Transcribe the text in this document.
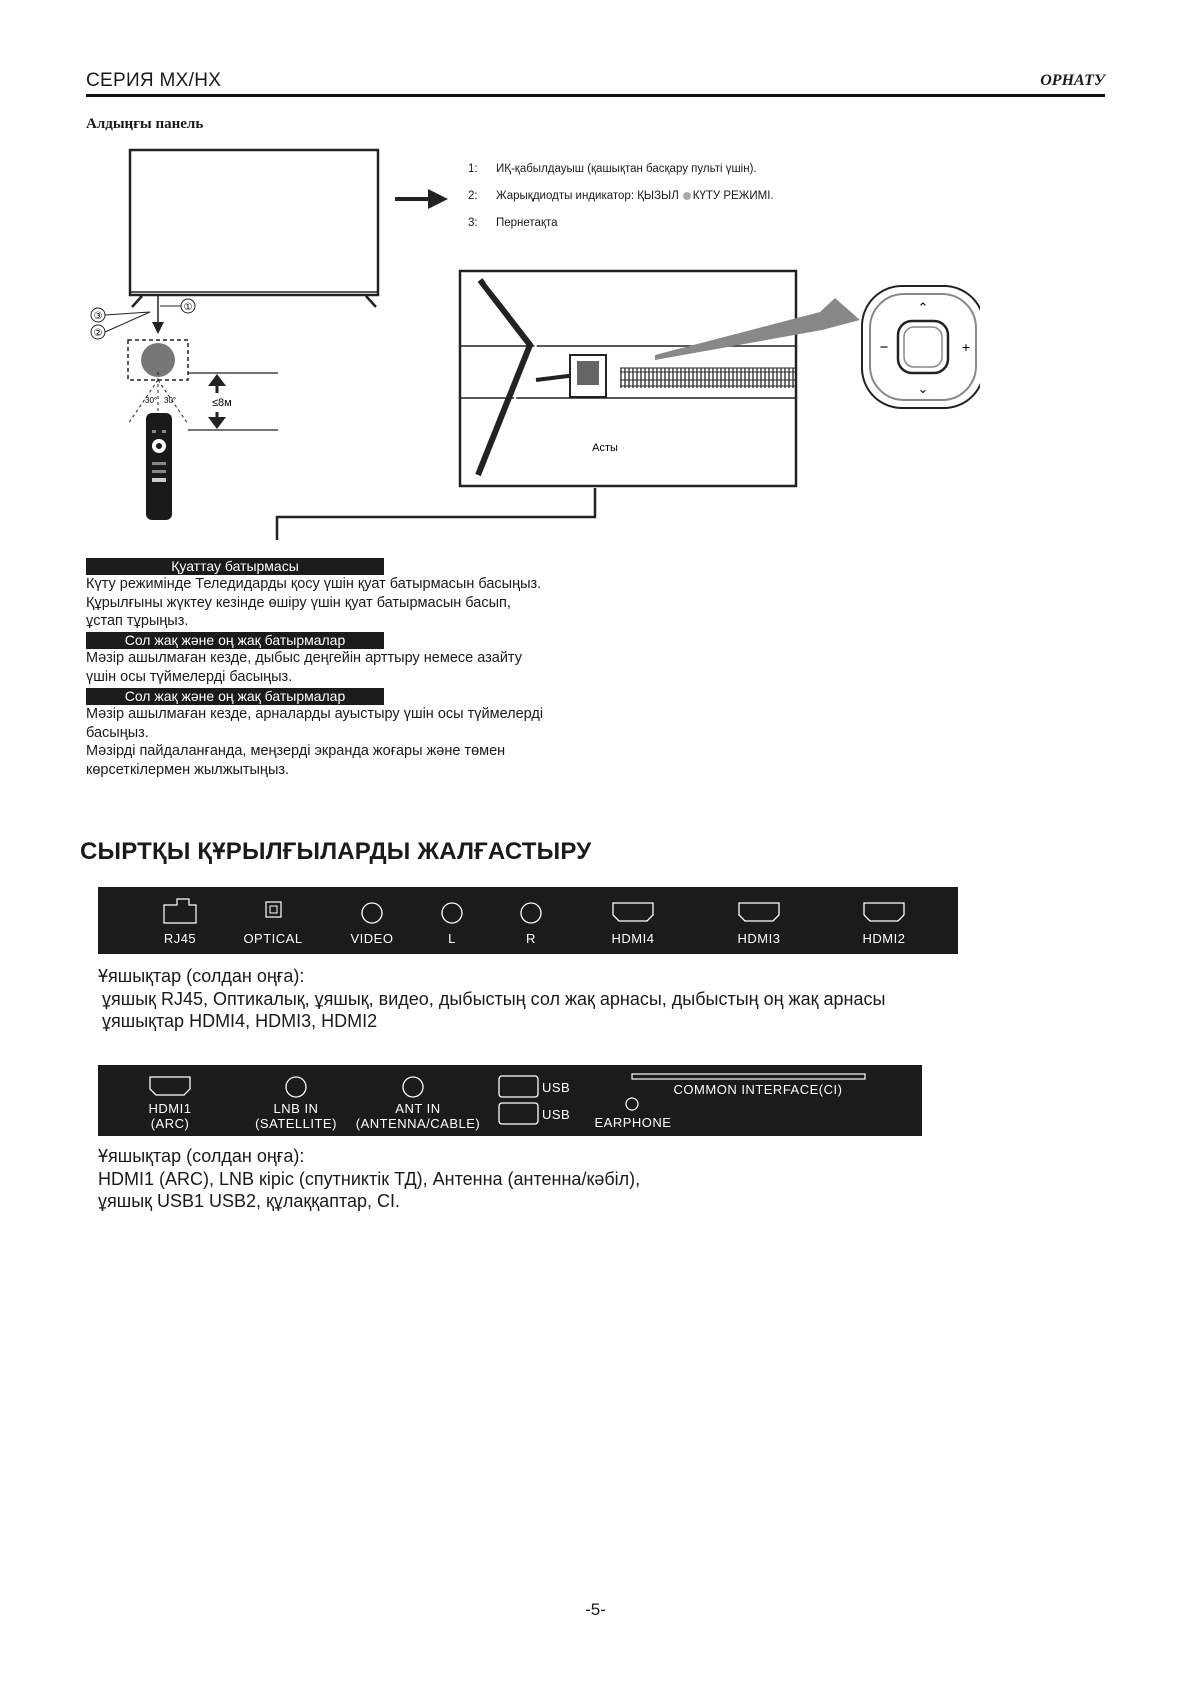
СЕРИЯ МХ/НХ	ОРНАТУ
Алдыңғы панель
③
②
①
30° 30°	≤8м
Асты
⌃
⌄
−	+
1: ИҚ-қабылдауыш (қашықтан басқару пульті үшін).
2: Жарықдиодты индикатор: ҚЫЗЫЛ КҮТУ РЕЖИМІ.
3: Пернетақта
Қуаттау батырмасы
Күту режимінде Теледидарды қосу үшін қуат батырмасын басыңыз.
Құрылғыны жүктеу кезінде өшіру үшін қуат батырмасын басып,
ұстап тұрыңыз.
Сол жақ және оң жақ батырмалар
Мәзір ашылмаған кезде, дыбыс деңгейін арттыру немесе азайту
үшін осы түймелерді басыңыз.
Сол жақ және оң жақ батырмалар
Мәзір ашылмаған кезде, арналарды ауыстыру үшін осы түймелерді
басыңыз.
Мәзірді пайдаланғанда, меңзерді экранда жоғары және төмен
көрсеткілермен жылжытыңыз.
СЫРТҚЫ ҚҰРЫЛҒЫЛАРДЫ ЖАЛҒАСТЫРУ
RJ45	OPTICAL	VIDEO	L	R	HDMI4	HDMI3	HDMI2
Ұяшықтар (солдан оңға):
ұяшық RJ45, Оптикалық, ұяшық, видео, дыбыстың сол жақ арнасы, дыбыстың оң жақ арнасы
ұяшықтар HDMI4, HDMI3, HDMI2
HDMI1
(ARC)
LNB IN
(SATELLITE)
ANT IN
(ANTENNA/CABLE)
USB
USB
EARPHONE
COMMON INTERFACE(CI)
Ұяшықтар (солдан оңға):
HDMI1 (ARC), LNB кіріс (спутниктік ТД), Антенна (антенна/кәбіл),
ұяшық USB1 USB2, құлаққаптар, CI.
-5-
